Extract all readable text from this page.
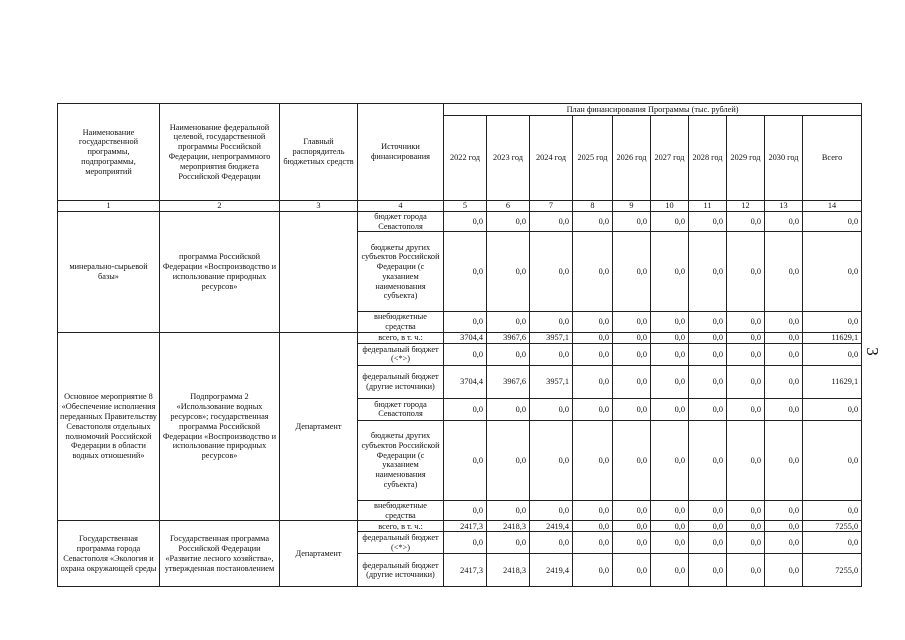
Наименование государственной программы, подпрограммы, мероприятий	Наименование федеральной целевой, государственной программы Российской Федерации, непрограммного мероприятия бюджета Российской Федерации	Главный распорядитель бюджетных средств	Источники финансирования	План финансирования Программы (тыс. рублей)									
				2022 год	2023 год	2024 год	2025 год	2026 год	2027 год	2028 год	2029 год	2030 год	Всего
1	2	3	4	5	6	7	8	9	10	11	12	13	14
минерально-сырьевой базы»	программа Российской Федерации «Воспроизводство и использование природных ресурсов»		бюджет города Севастополя	0,0	0,0	0,0	0,0	0,0	0,0	0,0	0,0	0,0	0,0
			бюджеты других субъектов Российской Федерации (с указанием наименования субъекта)	0,0	0,0	0,0	0,0	0,0	0,0	0,0	0,0	0,0	0,0
			внебюджетные средства	0,0	0,0	0,0	0,0	0,0	0,0	0,0	0,0	0,0	0,0
Основное мероприятие 8 «Обеспечение исполнения переданных Правительству Севастополя отдельных полномочий Российской Федерации в области водных отношений»	Подпрограмма 2 «Использование водных ресурсов»; государственная программа Российской Федерации «Воспроизводство и использование природных ресурсов»	Департамент	всего, в т. ч.:	3704,4	3967,6	3957,1	0,0	0,0	0,0	0,0	0,0	0,0	11629,1
			федеральный бюджет (<*>)	0,0	0,0	0,0	0,0	0,0	0,0	0,0	0,0	0,0	0,0
			федеральный бюджет (другие источники)	3704,4	3967,6	3957,1	0,0	0,0	0,0	0,0	0,0	0,0	11629,1
			бюджет города Севастополя	0,0	0,0	0,0	0,0	0,0	0,0	0,0	0,0	0,0	0,0
			бюджеты других субъектов Российской Федерации (с указанием наименования субъекта)	0,0	0,0	0,0	0,0	0,0	0,0	0,0	0,0	0,0	0,0
			внебюджетные средства	0,0	0,0	0,0	0,0	0,0	0,0	0,0	0,0	0,0	0,0
Государственная программа города Севастополя «Экология и охрана окружающей среды	Государственная программа Российской Федерации «Развитие лесного хозяйства», утвержденная постановлением	Департамент	всего, в т. ч.:	2417,3	2418,3	2419,4	0,0	0,0	0,0	0,0	0,0	0,0	7255,0
			федеральный бюджет (<*>)	0,0	0,0	0,0	0,0	0,0	0,0	0,0	0,0	0,0	0,0
			федеральный бюджет (другие источники)	2417,3	2418,3	2419,4	0,0	0,0	0,0	0,0	0,0	0,0	7255,0
3
